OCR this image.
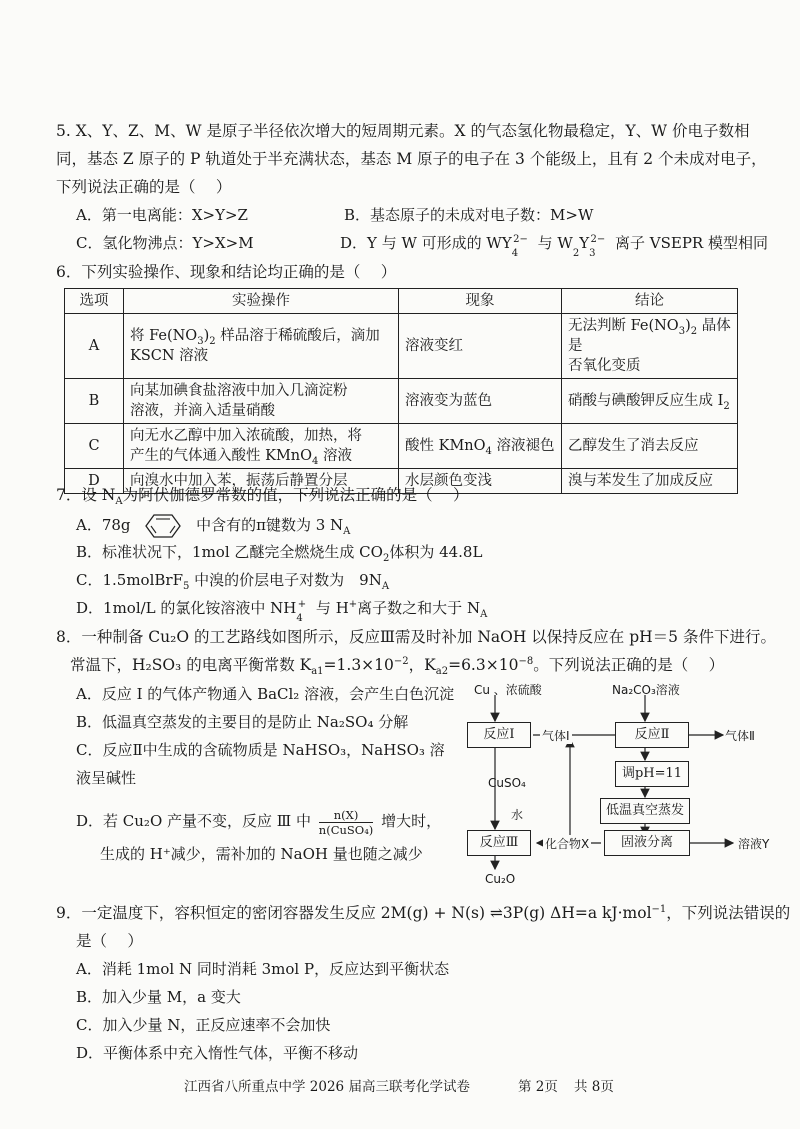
5. X、Y、Z、M、W 是原子半径依次增大的短周期元素。X 的气态氢化物最稳定，Y、W 价电子数相
同，基态 Z 原子的 P 轨道处于半充满状态，基态 M 原子的电子在 3 个能级上，且有 2 个未成对电子，
下列说法正确的是（　 ）
A．第一电离能：X>Y>Z	B．基态原子的未成对电子数：M>W
C．氢化物沸点：Y>X>M	D．Y 与 W 可形成的 $WY_4^{2-}$ 与 $W_2Y_3^{2-}$ 离子 VSEPR 模型相同
6．下列实验操作、现象和结论均正确的是（　 ）
选项	实验操作	现象	结论
A	将 $Fe(NO_3)_2$ 样品溶于稀硫酸后，滴加
KSCN 溶液	溶液变红	无法判断 $Fe(NO_3)_2$ 晶体是
否氧化变质
B	向某加碘食盐溶液中加入几滴淀粉
溶液，并滴入适量硝酸	溶液变为蓝色	硝酸与碘酸钾反应生成 $I_2$
C	向无水乙醇中加入浓硫酸，加热，将
产生的气体通入酸性 KMnO$_4$ 溶液	酸性 KMnO$_4$ 溶液褪色	乙醇发生了消去反应
D	向溴水中加入苯，振荡后静置分层	水层颜色变浅	溴与苯发生了加成反应
7．设 $N_A$为阿伏伽德罗常数的值，下列说法正确的是（　 ）
A．78g	中含有的π键数为 3 $N_A$
B．标准状况下，1mol 乙醚完全燃烧生成 $CO_2$体积为 44.8L
C．1.5molBrF$_5$ 中溴的价层电子对数为　$9N_A$
D．1mol/L 的氯化铵溶液中 $NH_4^+$ 与 H+离子数之和大于 $N_A$
8．一种制备 Cu₂O 的工艺路线如图所示，反应Ⅲ需及时补加 NaOH 以保持反应在 pH＝5 条件下进行。
常温下，H₂SO₃ 的电离平衡常数 $K_{a1}=1.3\times 10^{-2}$，$K_{a2}=6.3\times 10^{-8}$。下列说法正确的是（　 ）
A．反应 Ⅰ 的气体产物通入 BaCl₂ 溶液，会产生白色沉淀
B．低温真空蒸发的主要目的是防止 Na₂SO₄ 分解
C．反应Ⅱ中生成的含硫物质是 NaHSO₃，NaHSO₃ 溶
液呈碱性
D．若 Cu₂O 产量不变，反应 Ⅲ 中 $\frac{n(X)}{\text{n(CuSO₄)}}$ 增大时，
生成的 H⁺减少，需补加的 NaOH 量也随之减少
Cu 、浓硫酸	Na₂CO₃溶液
反应Ⅰ	气体Ⅰ	反应Ⅱ	气体Ⅱ
调pH=11
低温真空蒸发
固液分离	溶液Y
CuSO₄
水
反应Ⅲ	化合物X
Cu₂O
9．一定温度下，容积恒定的密闭容器发生反应 2M(g) + N(s) ⇌3P(g) ΔH=a kJ·mol$^{-1}$，下列说法错误的
是（　 ）
A．消耗 1mol N 同时消耗 3mol P，反应达到平衡状态
B．加入少量 M，a 变大
C．加入少量 N，正反应速率不会加快
D．平衡体系中充入惰性气体，平衡不移动
江西省八所重点中学 2026 届高三联考化学试卷	第 2页 共 8页
